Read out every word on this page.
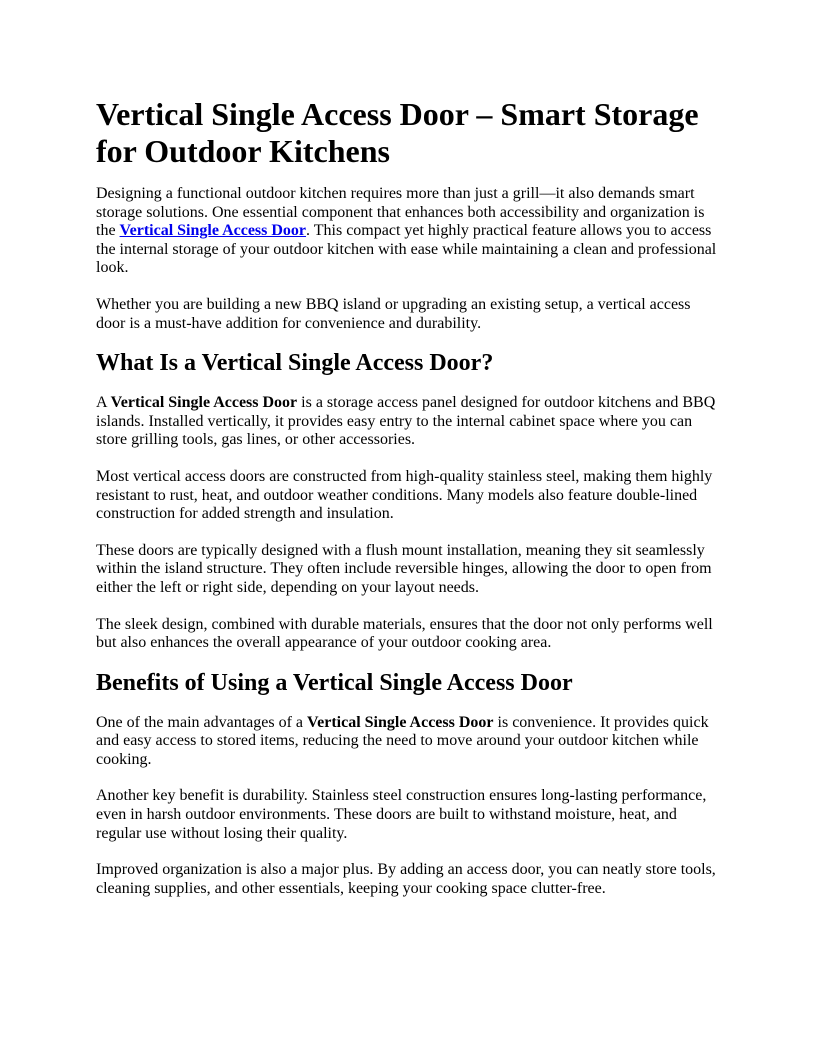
Vertical Single Access Door – Smart Storage for Outdoor Kitchens

Designing a functional outdoor kitchen requires more than just a grill—it also demands smart storage solutions. One essential component that enhances both accessibility and organization is the Vertical Single Access Door. This compact yet highly practical feature allows you to access the internal storage of your outdoor kitchen with ease while maintaining a clean and professional look.

Whether you are building a new BBQ island or upgrading an existing setup, a vertical access door is a must-have addition for convenience and durability.

What Is a Vertical Single Access Door?

A Vertical Single Access Door is a storage access panel designed for outdoor kitchens and BBQ islands. Installed vertically, it provides easy entry to the internal cabinet space where you can store grilling tools, gas lines, or other accessories.

Most vertical access doors are constructed from high-quality stainless steel, making them highly resistant to rust, heat, and outdoor weather conditions. Many models also feature double-lined construction for added strength and insulation.

These doors are typically designed with a flush mount installation, meaning they sit seamlessly within the island structure. They often include reversible hinges, allowing the door to open from either the left or right side, depending on your layout needs.

The sleek design, combined with durable materials, ensures that the door not only performs well but also enhances the overall appearance of your outdoor cooking area.

Benefits of Using a Vertical Single Access Door

One of the main advantages of a Vertical Single Access Door is convenience. It provides quick and easy access to stored items, reducing the need to move around your outdoor kitchen while cooking.

Another key benefit is durability. Stainless steel construction ensures long-lasting performance, even in harsh outdoor environments. These doors are built to withstand moisture, heat, and regular use without losing their quality.

Improved organization is also a major plus. By adding an access door, you can neatly store tools, cleaning supplies, and other essentials, keeping your cooking space clutter-free.
